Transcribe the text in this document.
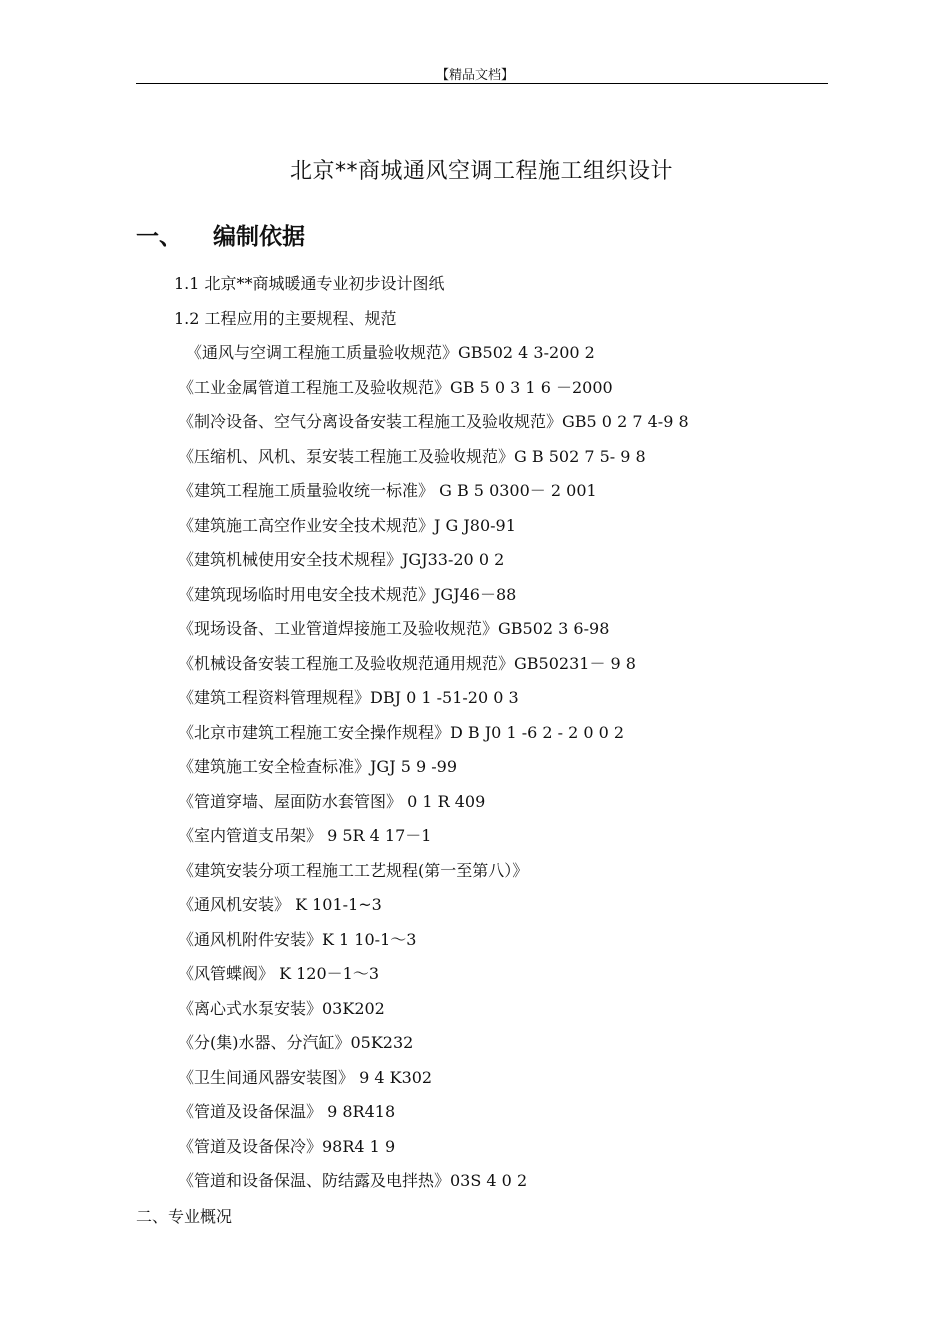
【精品文档】
北京**商城通风空调工程施工组织设计
一、 编制依据
1.1 北京**商城暖通专业初步设计图纸
1.2 工程应用的主要规程、规范
《通风与空调工程施工质量验收规范》GB502 4 3-200 2
《工业金属管道工程施工及验收规范》GB 5 0 3 1 6 －2000
《制冷设备、空气分离设备安装工程施工及验收规范》GB5 0 2 7 4-9 8
《压缩机、风机、泵安装工程施工及验收规范》G B 502 7 5- 9 8
《建筑工程施工质量验收统一标准》 G B 5 0300－ 2 001
《建筑施工高空作业安全技术规范》J G J80-91
《建筑机械使用安全技术规程》JGJ33-20 0 2
《建筑现场临时用电安全技术规范》JGJ46－88
《现场设备、工业管道焊接施工及验收规范》GB502 3 6-98
《机械设备安装工程施工及验收规范通用规范》GB50231－ 9 8
《建筑工程资料管理规程》DBJ 0 1 -51-20 0 3
《北京市建筑工程施工安全操作规程》D B J0 1 -6 2 - 2 0 0 2
《建筑施工安全检查标准》JGJ 5 9 -99
《管道穿墙、屋面防水套管图》 0 1 R 409
《室内管道支吊架》 9 5R 4 17－1
《建筑安装分项工程施工工艺规程(第一至第八）》
《通风机安装》 K 101-1~3
《通风机附件安装》K 1 10-1～3
《风管蝶阀》 K 120－1～3
《离心式水泵安装》03K202
《分(集)水器、分汽缸》05K232
《卫生间通风器安装图》 9 4 K302
《管道及设备保温》 9 8R418
《管道及设备保冷》98R4 1 9
《管道和设备保温、防结露及电拌热》03S 4 0 2
二、专业概况
